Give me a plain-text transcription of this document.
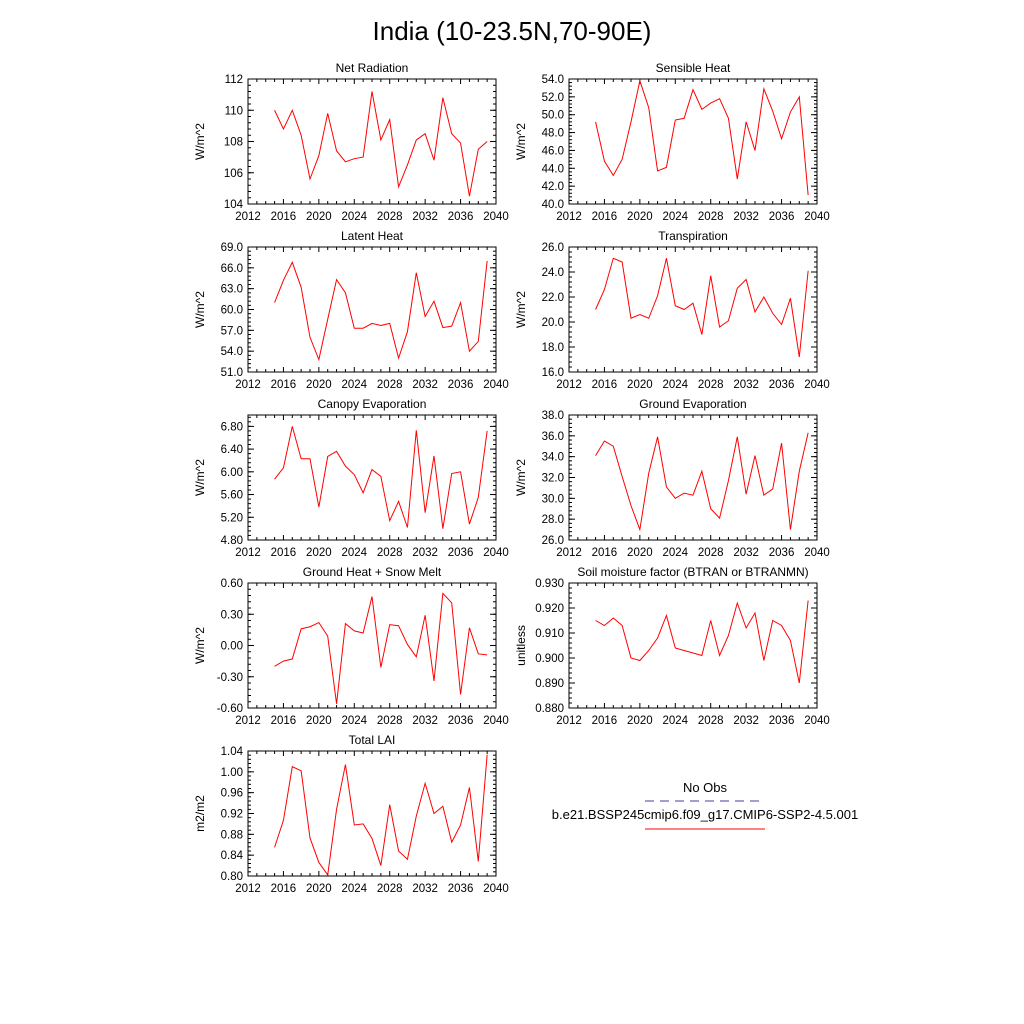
India (10-23.5N,70-90E)
Net Radiation
W/m^2
2012 2016 2020 2024 2028 2032 2036 2040
104
106
108
110
112
Sensible Heat
W/m^2
2012 2016 2020 2024 2028 2032 2036 2040
40.0
42.0
44.0
46.0
48.0
50.0
52.0
54.0
Latent Heat
W/m^2
2012 2016 2020 2024 2028 2032 2036 2040
51.0
54.0
57.0
60.0
63.0
66.0
69.0
Transpiration
W/m^2
2012 2016 2020 2024 2028 2032 2036 2040
16.0
18.0
20.0
22.0
24.0
26.0
Canopy Evaporation
W/m^2
2012 2016 2020 2024 2028 2032 2036 2040
4.80
5.20
5.60
6.00
6.40
6.80
Ground Evaporation
W/m^2
2012 2016 2020 2024 2028 2032 2036 2040
26.0
28.0
30.0
32.0
34.0
36.0
38.0
Ground Heat + Snow Melt
W/m^2
2012 2016 2020 2024 2028 2032 2036 2040
-0.60
-0.30
0.00
0.30
0.60
Soil moisture factor (BTRAN or BTRANMN)
unitless
2012 2016 2020 2024 2028 2032 2036 2040
0.880
0.890
0.900
0.910
0.920
0.930
Total LAI
m2/m2
2012 2016 2020 2024 2028 2032 2036 2040
0.80
0.84
0.88
0.92
0.96
1.00
1.04
No Obs
b.e21.BSSP245cmip6.f09_g17.CMIP6-SSP2-4.5.001
